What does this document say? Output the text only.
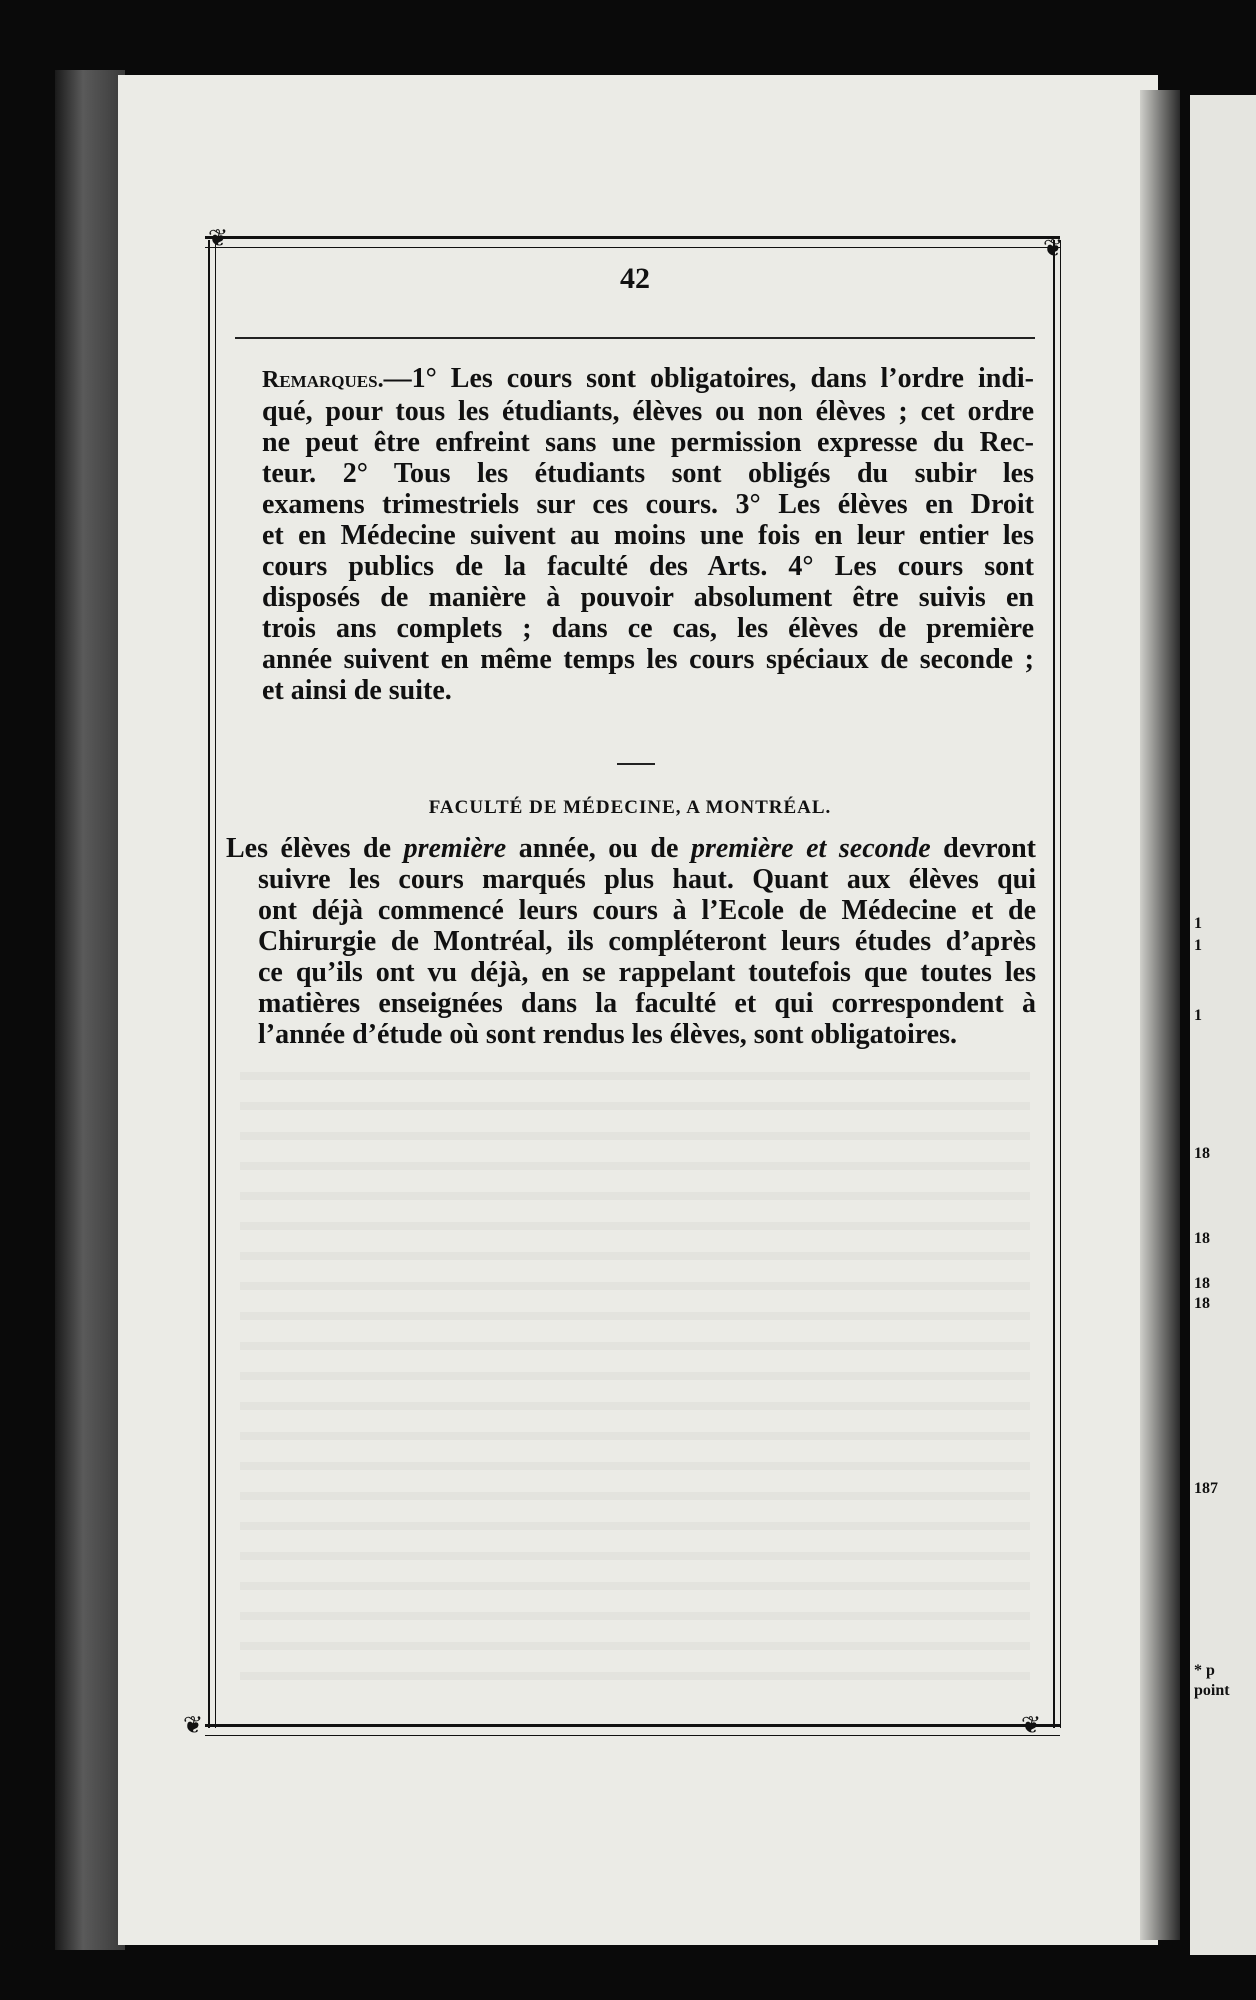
1
1
1
18
18
18
18
187
* p
point
❦	❦
❦	❦
42
Remarques.—1° Les cours sont obligatoires, dans l’ordre indi-
qué, pour tous les étudiants, élèves ou non élèves ; cet ordre
ne peut être enfreint sans une permission expresse du Rec-
teur. 2° Tous les étudiants sont obligés du subir les
examens trimestriels sur ces cours. 3° Les élèves en Droit
et en Médecine suivent au moins une fois en leur entier les
cours publics de la faculté des Arts. 4° Les cours sont
disposés de manière à pouvoir absolument être suivis en
trois ans complets ; dans ce cas, les élèves de première
année suivent en même temps les cours spéciaux de seconde ;
et ainsi de suite.
FACULTÉ DE MÉDECINE, A MONTRÉAL.
Les élèves de première année, ou de première et seconde devront
suivre les cours marqués plus haut. Quant aux élèves qui
ont déjà commencé leurs cours à l’Ecole de Médecine et de
Chirurgie de Montréal, ils compléteront leurs études d’après
ce qu’ils ont vu déjà, en se rappelant toutefois que toutes les
matières enseignées dans la faculté et qui correspondent à
l’année d’étude où sont rendus les élèves, sont obligatoires.
